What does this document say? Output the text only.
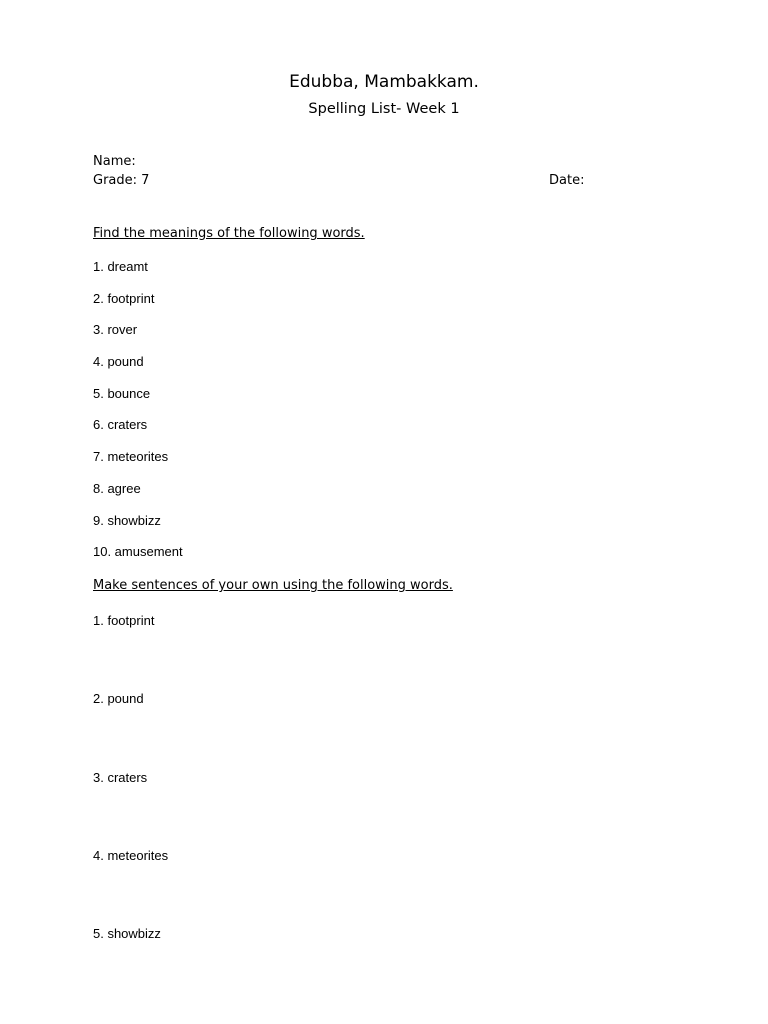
Edubba, Mambakkam.
Spelling List- Week 1
Name:
Grade: 7	Date:
Find the meanings of the following words.
1. dreamt
2. footprint
3. rover
4. pound
5. bounce
6. craters
7. meteorites
8. agree
9. showbizz
10. amusement
Make sentences of your own using the following words.
1. footprint
2. pound
3. craters
4. meteorites
5. showbizz
